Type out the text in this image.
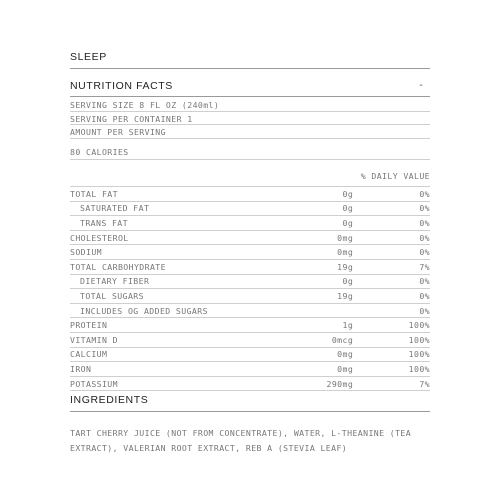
SLEEP
NUTRITION FACTS	-
SERVING SIZE 8 FL OZ (240ml)
SERVING PER CONTAINER 1
AMOUNT PER SERVING
80 CALORIES
% DAILY VALUE
TOTAL FAT	0g	0%
SATURATED FAT	0g	0%
TRANS FAT	0g	0%
CHOLESTEROL	0mg	0%
SODIUM	0mg	0%
TOTAL CARBOHYDRATE	19g	7%
DIETARY FIBER	0g	0%
TOTAL SUGARS	19g	0%
INCLUDES OG ADDED SUGARS		0%
PROTEIN	1g	100%
VITAMIN D	0mcg	100%
CALCIUM	0mg	100%
IRON	0mg	100%
POTASSIUM	290mg	7%
INGREDIENTS
TART CHERRY JUICE (NOT FROM CONCENTRATE), WATER, L-THEANINE (TEA EXTRACT), VALERIAN ROOT EXTRACT, REB A (STEVIA LEAF)
